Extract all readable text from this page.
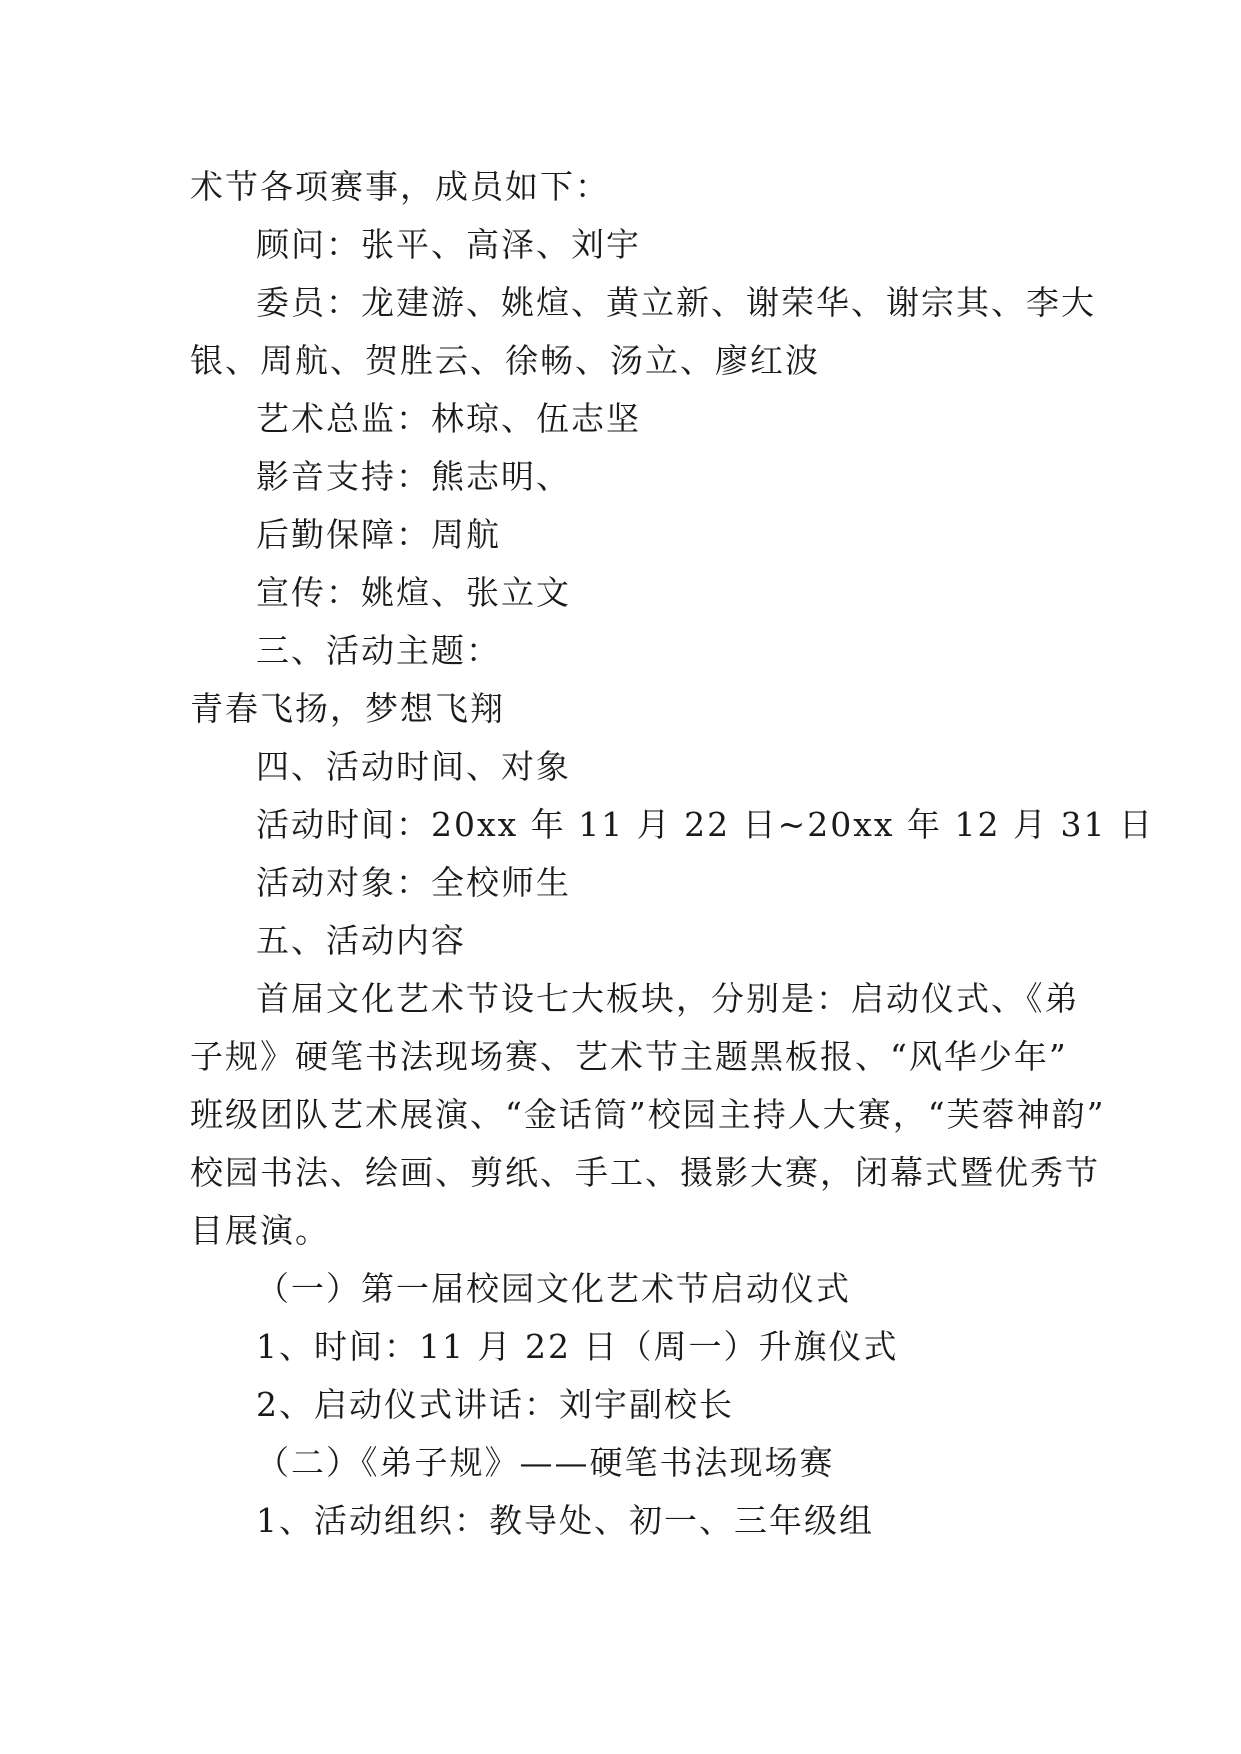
术节各项赛事，成员如下：
顾问：张平、高泽、刘宇
委员：龙建游、姚煊、黄立新、谢荣华、谢宗其、李大
银、周航、贺胜云、徐畅、汤立、廖红波
艺术总监：林琼、伍志坚
影音支持：熊志明、
后勤保障：周航
宣传：姚煊、张立文
三、活动主题：
青春飞扬，梦想飞翔
四、活动时间、对象
活动时间：20xx 年 11 月 22 日~20xx 年 12 月 31 日
活动对象：全校师生
五、活动内容
首届文化艺术节设七大板块，分别是：启动仪式、《弟
子规》硬笔书法现场赛、艺术节主题黑板报、“风华少年”
班级团队艺术展演、“金话筒”校园主持人大赛，“芙蓉神韵”
校园书法、绘画、剪纸、手工、摄影大赛，闭幕式暨优秀节
目展演。
（一）第一届校园文化艺术节启动仪式
1、时间：11 月 22 日（周一）升旗仪式
2、启动仪式讲话：刘宇副校长
（二）《弟子规》——硬笔书法现场赛
1、活动组织：教导处、初一、三年级组
